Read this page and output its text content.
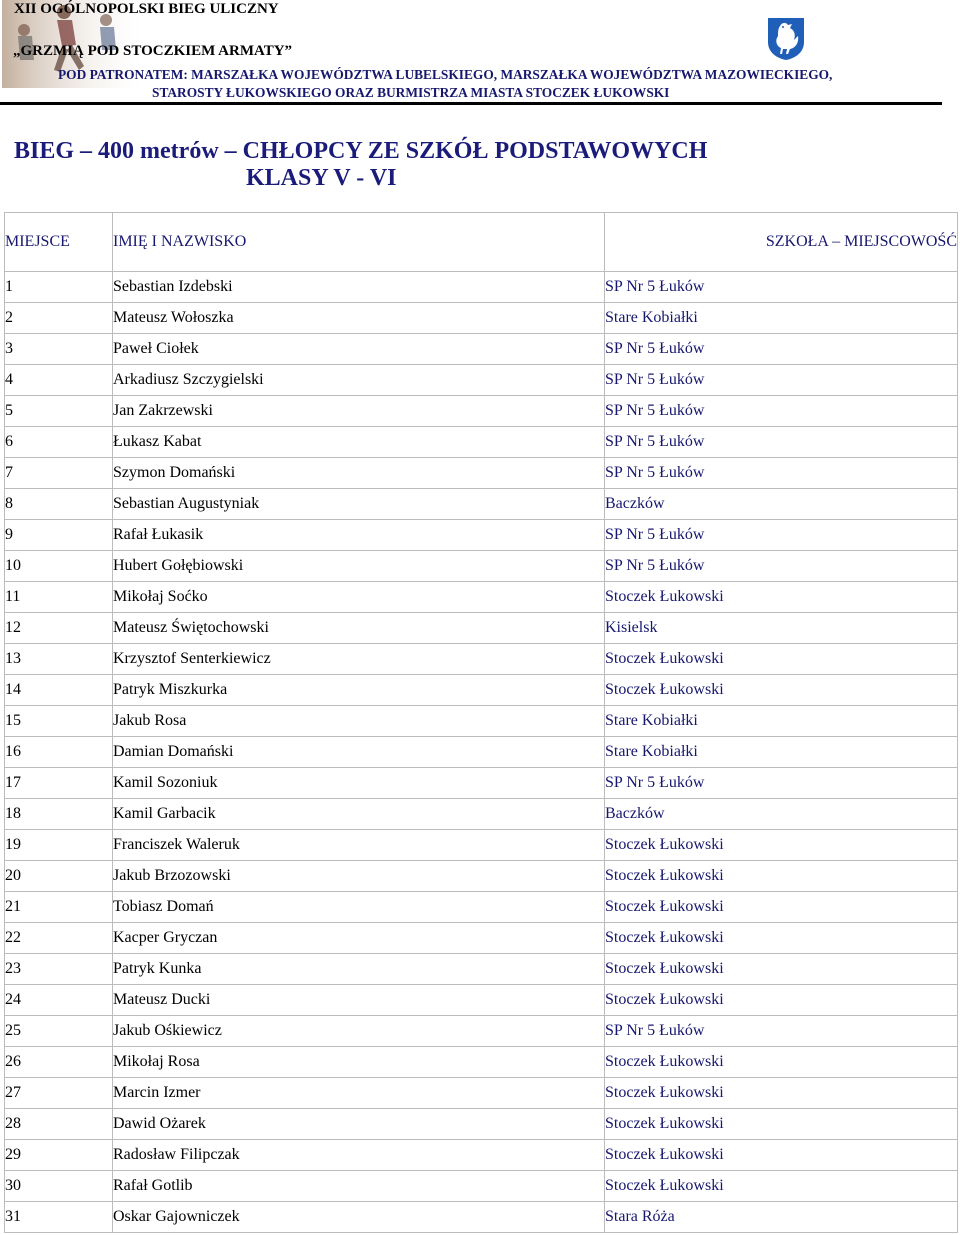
XII OGÓLNOPOLSKI BIEG ULICZNY
„GRZMIĄ POD STOCZKIEM ARMATY”
POD PATRONATEM: MARSZAŁKA WOJEWÓDZTWA LUBELSKIEGO, MARSZAŁKA WOJEWÓDZTWA MAZOWIECKIEGO,
STAROSTY ŁUKOWSKIEGO ORAZ BURMISTRZA MIASTA STOCZEK ŁUKOWSKI
BIEG – 400 metrów – CHŁOPCY ZE SZKÓŁ PODSTAWOWYCH
KLASY V - VI
MIEJSCE	IMIĘ I NAZWISKO	SZKOŁA – MIEJSCOWOŚĆ
1	Sebastian Izdebski	SP Nr 5 Łuków
2	Mateusz Wołoszka	Stare Kobiałki
3	Paweł Ciołek	SP Nr 5 Łuków
4	Arkadiusz Szczygielski	SP Nr 5 Łuków
5	Jan Zakrzewski	SP Nr 5 Łuków
6	Łukasz Kabat	SP Nr 5 Łuków
7	Szymon Domański	SP Nr 5 Łuków
8	Sebastian Augustyniak	Baczków
9	Rafał Łukasik	SP Nr 5 Łuków
10	Hubert Gołębiowski	SP Nr 5 Łuków
11	Mikołaj Soćko	Stoczek Łukowski
12	Mateusz Świętochowski	Kisielsk
13	Krzysztof Senterkiewicz	Stoczek Łukowski
14	Patryk Miszkurka	Stoczek Łukowski
15	Jakub Rosa	Stare Kobiałki
16	Damian Domański	Stare Kobiałki
17	Kamil Sozoniuk	SP Nr 5 Łuków
18	Kamil Garbacik	Baczków
19	Franciszek Waleruk	Stoczek Łukowski
20	Jakub Brzozowski	Stoczek Łukowski
21	Tobiasz Domań	Stoczek Łukowski
22	Kacper Gryczan	Stoczek Łukowski
23	Patryk Kunka	Stoczek Łukowski
24	Mateusz Ducki	Stoczek Łukowski
25	Jakub Ośkiewicz	SP Nr 5 Łuków
26	Mikołaj Rosa	Stoczek Łukowski
27	Marcin Izmer	Stoczek Łukowski
28	Dawid Ożarek	Stoczek Łukowski
29	Radosław Filipczak	Stoczek Łukowski
30	Rafał Gotlib	Stoczek Łukowski
31	Oskar Gajowniczek	Stara Róża
